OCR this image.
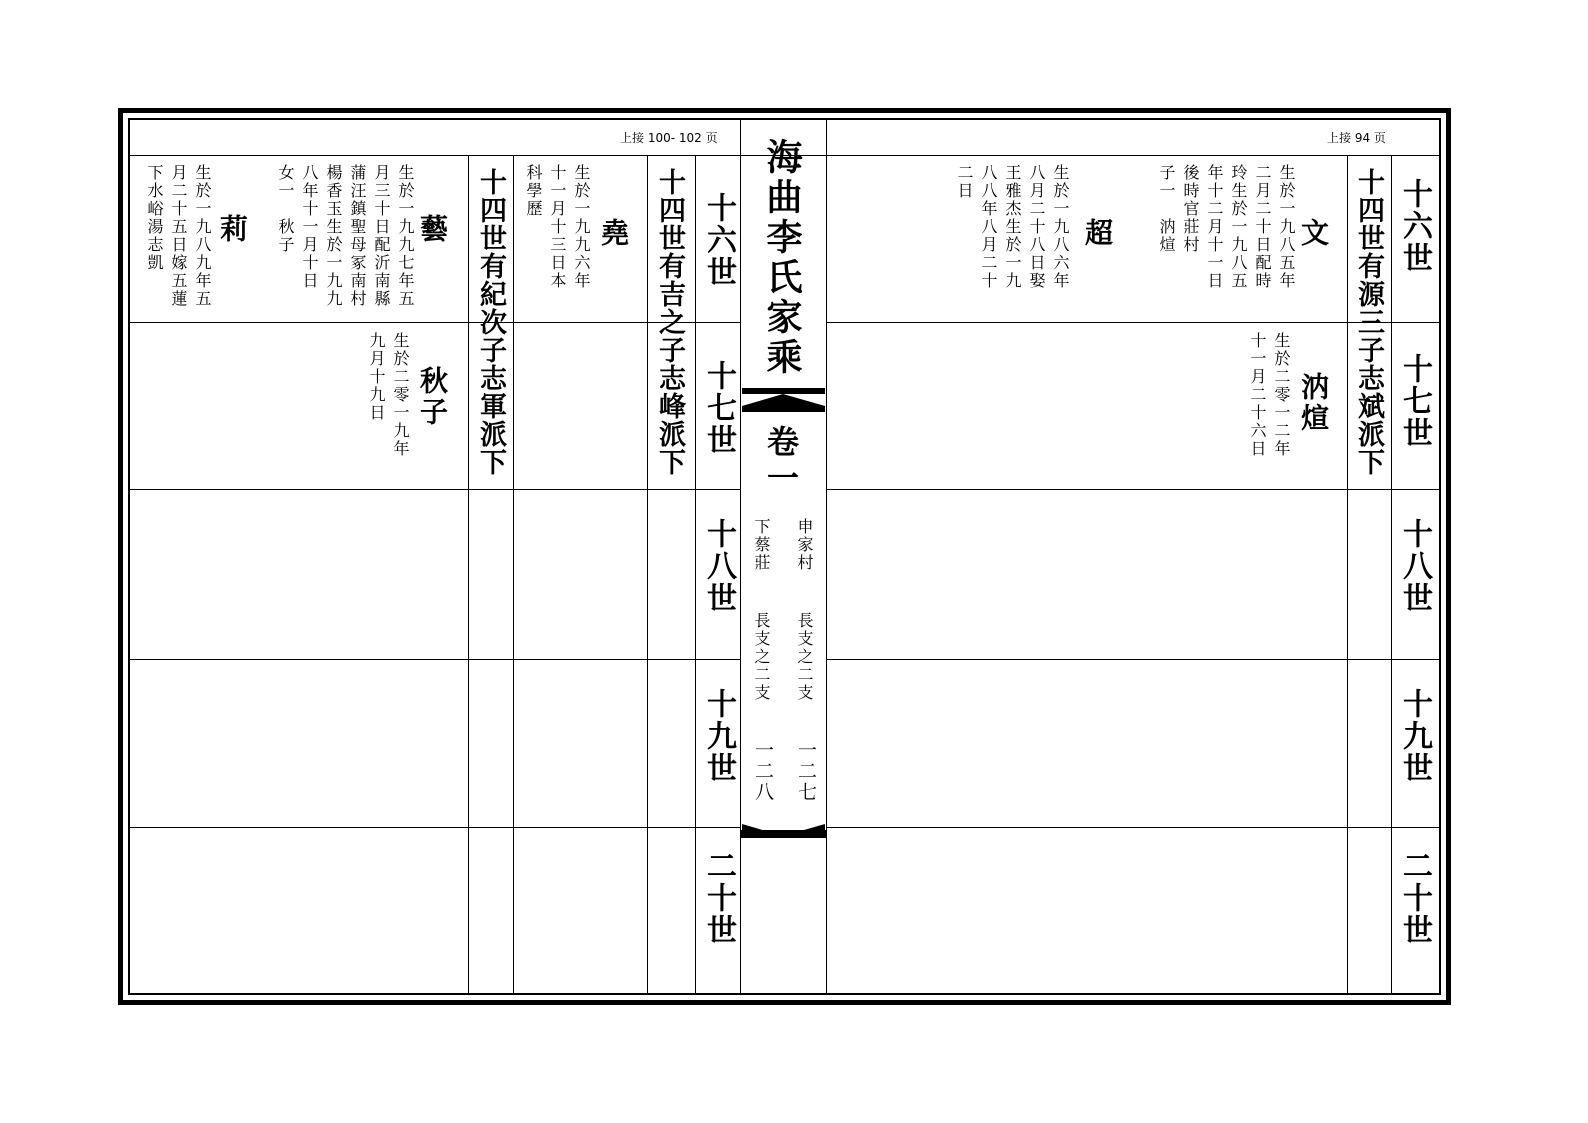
上接 100- 102 页	上接 94 页
海曲李氏家乘
卷一
申家村
下蔡莊
長支之二支
長支之二支
一二七
一二八
十六世
十七世
十八世
十九世
二十世
十六世
十七世
十八世
十九世
二十世
十四世有源三子志斌派下
十四世有吉之子志峰派下
十四世有紀次子志軍派下	文
生於一九八五年
二月二十日配時
玲生於一九八五
年十二月十一日
後時官莊村
子一　汭煊
超
生於一九八六年
八月二十八日娶
王雅杰生於一九
八八年八月二十
二日
汭煊
生於二零一二年
十一月二十六日
堯
生於一九九六年
十一月十三日本
科學歷
藝
生於一九九七年五
月三十日配沂南縣
蒲汪鎮聖母冢南村
楊香玉生於一九九
八年十一月十日
女一　秋子
莉
生於一九八九年五
月二十五日嫁五蓮
下水峪湯志凱
秋子
生於二零一九年
九月十九日
